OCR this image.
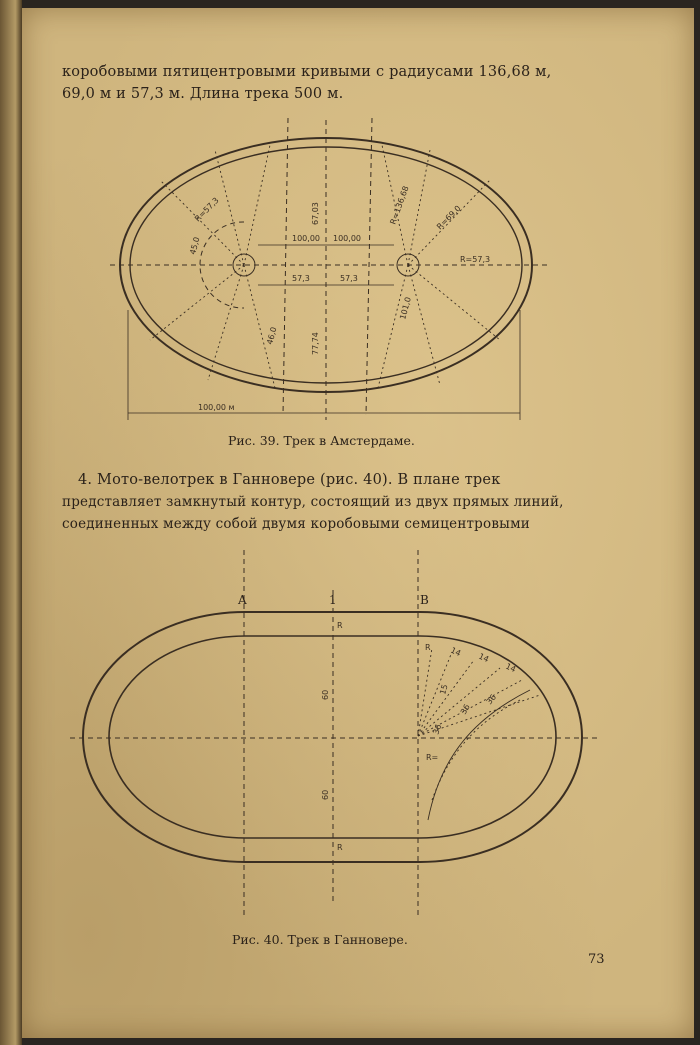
коробовыми пятицентровыми кривыми с радиусами 136,68 м,
69,0 м и 57,3 м. Длина трека 500 м.
100,00 100,00
57,3	57,3
R=57,3
R=136,68	R=69,0
67,03
77,74
45,0
R=57,3
46,0
101,0
100,00 м
Рис. 39. Трек в Амстердаме.
4. Мото-велотрек в Ганновере (рис. 40). В плане трек
представляет замкнутый контур, состоящий из двух прямых линий,
соединенных между собой двумя коробовыми семицентровыми
A	1	B
R
R
60
60
R
R=
14 14
14
36
36
36
15
Рис. 40. Трек в Ганновере.
73
